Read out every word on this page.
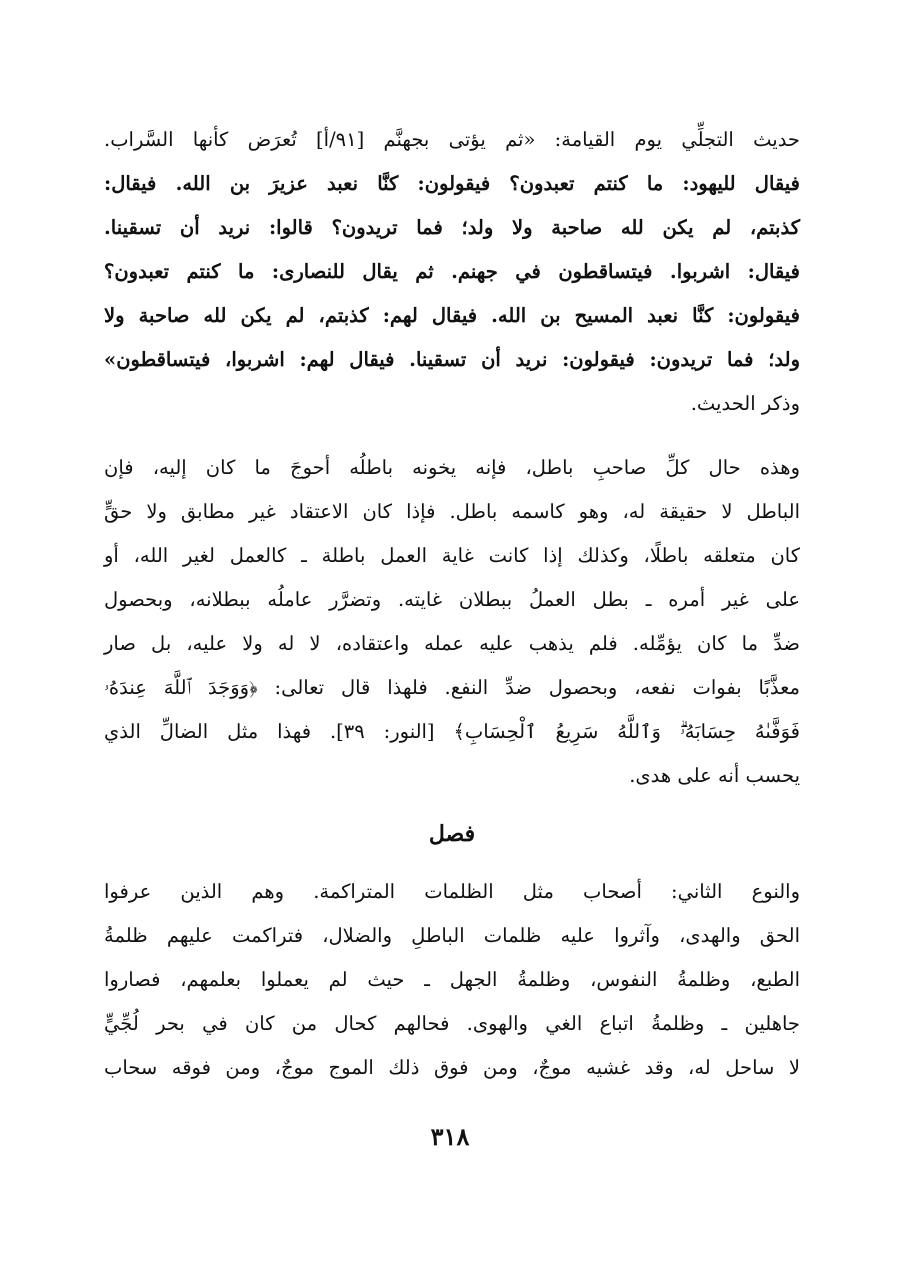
حديث التجلِّي يوم القيامة: «ثم يؤتى بجهنَّم [٩١/أ] تُعرَض كأنها السَّراب.
فيقال لليهود: ما كنتم تعبدون؟ فيقولون: كنَّا نعبد عزيرَ بن الله. فيقال:
كذبتم، لم يكن لله صاحبة ولا ولد؛ فما تريدون؟ قالوا: نريد أن تسقينا.
فيقال: اشربوا. فيتساقطون في جهنم. ثم يقال للنصارى: ما كنتم تعبدون؟
فيقولون: كنَّا نعبد المسيح بن الله. فيقال لهم: كذبتم، لم يكن لله صاحبة ولا
ولد؛ فما تريدون: فيقولون: نريد أن تسقينا. فيقال لهم: اشربوا، فيتساقطون»
وذكر الحديث.
وهذه حال كلِّ صاحبِ باطل، فإنه يخونه باطلُه أحوجَ ما كان إليه، فإن
الباطل لا حقيقة له، وهو كاسمه باطل. فإذا كان الاعتقاد غير مطابق ولا حقٍّ
كان متعلقه باطلًا، وكذلك إذا كانت غاية العمل باطلة ـ كالعمل لغير الله، أو
على غير أمره ـ بطل العملُ ببطلان غايته. وتضرَّر عاملُه ببطلانه، وبحصول
ضدِّ ما كان يؤمِّله. فلم يذهب عليه عمله واعتقاده، لا له ولا عليه، بل صار
معذَّبًا بفوات نفعه، وبحصول ضدِّ النفع. فلهذا قال تعالى: ﴿وَوَجَدَ ٱللَّهَ عِندَهُۥ
فَوَفَّىٰهُ حِسَابَهُۥۗ وَٱللَّهُ سَرِيعُ ٱلْحِسَابِ﴾ [النور: ٣٩]. فهذا مثل الضالِّ الذي
يحسب أنه على هدى.
فصل
والنوع الثاني: أصحاب مثل الظلمات المتراكمة. وهم الذين عرفوا
الحق والهدى، وآثروا عليه ظلمات الباطلِ والضلال، فتراكمت عليهم ظلمةُ
الطبع، وظلمةُ النفوس، وظلمةُ الجهل ـ حيث لم يعملوا بعلمهم، فصاروا
جاهلين ـ وظلمةُ اتباع الغي والهوى. فحالهم كحال من كان في بحر لُجِّيٍّ
لا ساحل له، وقد غشيه موجٌ، ومن فوق ذلك الموج موجٌ، ومن فوقه سحاب
٣١٨
